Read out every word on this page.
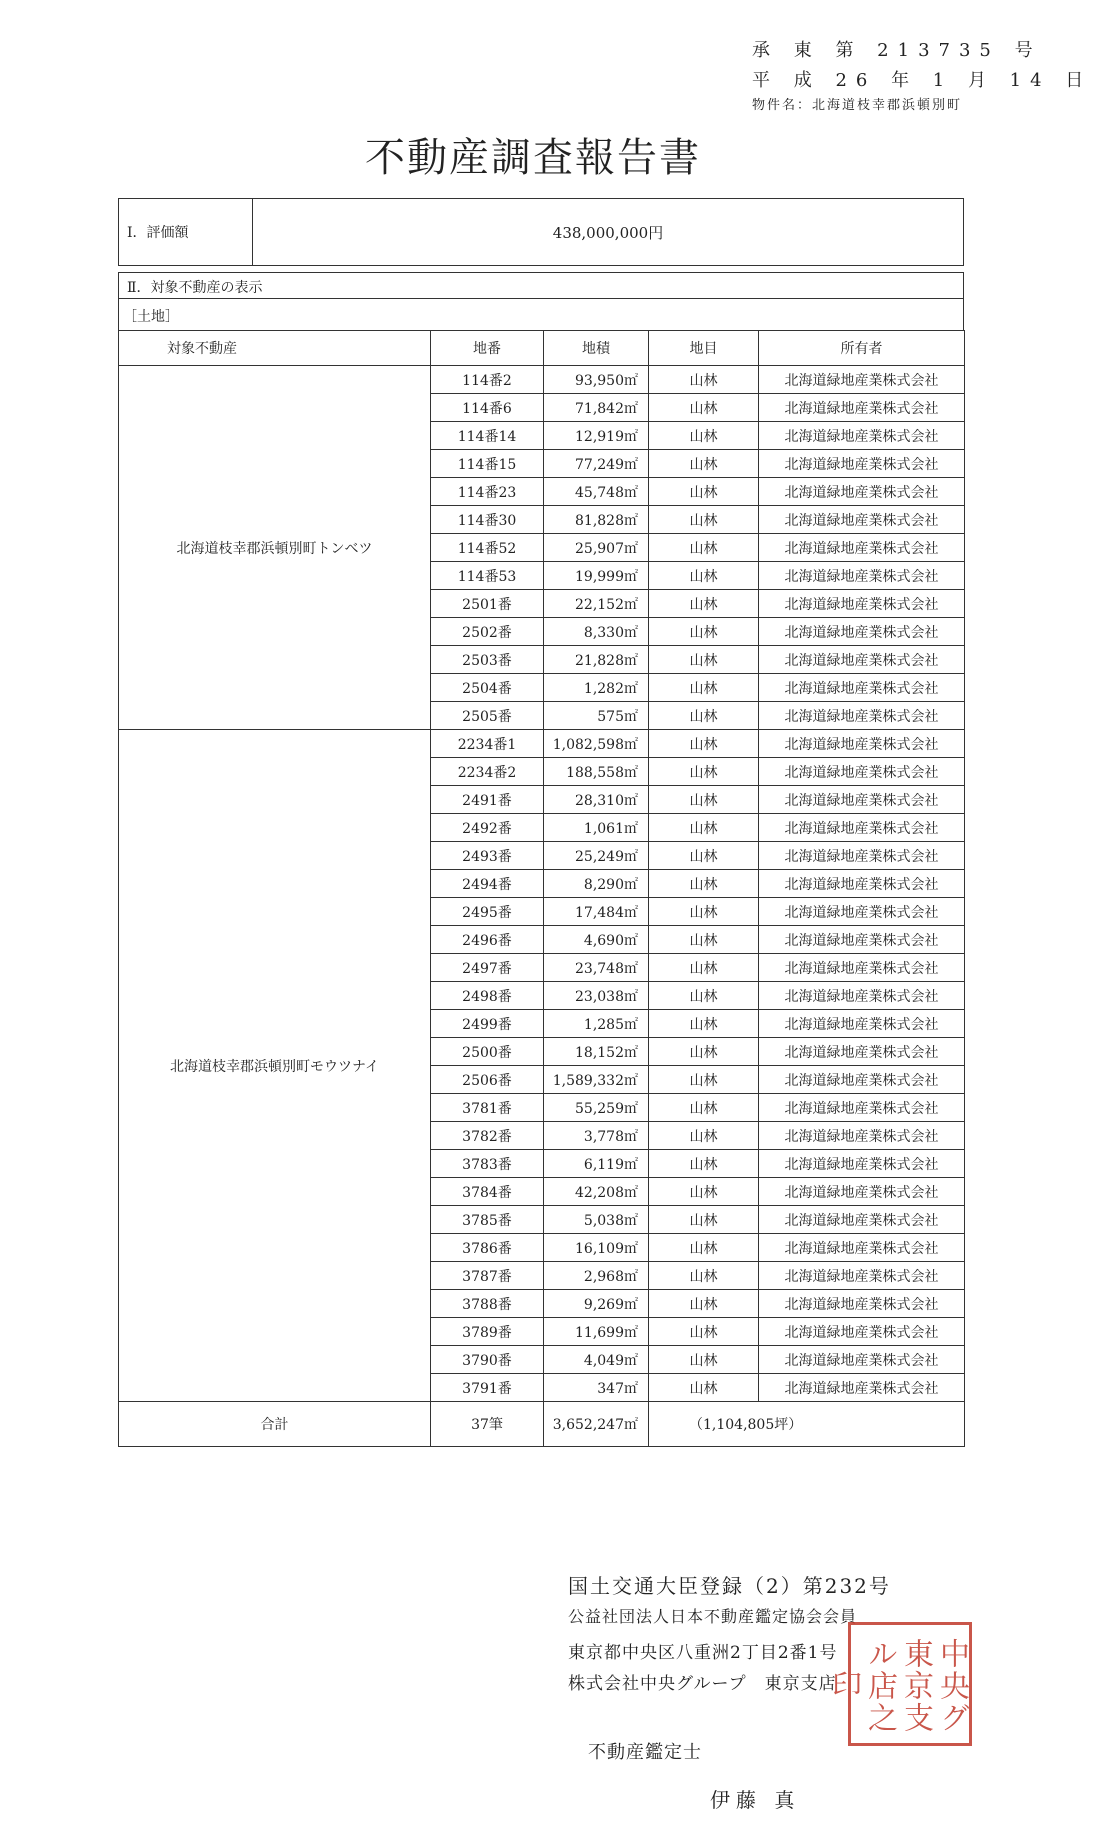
承 東 第 213735 号
平 成 26 年 1 月 14 日
物件名：北海道枝幸郡浜頓別町
不動産調査報告書
Ⅰ．評価額	438,000,000円
Ⅱ．対象不動産の表示
［土地］
対象不動産	地番	地積	地目	所有者
北海道枝幸郡浜頓別町トンベツ	114番2	93,950㎡	山林	北海道緑地産業株式会社
	114番6	71,842㎡	山林	北海道緑地産業株式会社
	114番14	12,919㎡	山林	北海道緑地産業株式会社
	114番15	77,249㎡	山林	北海道緑地産業株式会社
	114番23	45,748㎡	山林	北海道緑地産業株式会社
	114番30	81,828㎡	山林	北海道緑地産業株式会社
	114番52	25,907㎡	山林	北海道緑地産業株式会社
	114番53	19,999㎡	山林	北海道緑地産業株式会社
	2501番	22,152㎡	山林	北海道緑地産業株式会社
	2502番	8,330㎡	山林	北海道緑地産業株式会社
	2503番	21,828㎡	山林	北海道緑地産業株式会社
	2504番	1,282㎡	山林	北海道緑地産業株式会社
	2505番	575㎡	山林	北海道緑地産業株式会社
北海道枝幸郡浜頓別町モウツナイ	2234番1	1,082,598㎡	山林	北海道緑地産業株式会社
	2234番2	188,558㎡	山林	北海道緑地産業株式会社
	2491番	28,310㎡	山林	北海道緑地産業株式会社
	2492番	1,061㎡	山林	北海道緑地産業株式会社
	2493番	25,249㎡	山林	北海道緑地産業株式会社
	2494番	8,290㎡	山林	北海道緑地産業株式会社
	2495番	17,484㎡	山林	北海道緑地産業株式会社
	2496番	4,690㎡	山林	北海道緑地産業株式会社
	2497番	23,748㎡	山林	北海道緑地産業株式会社
	2498番	23,038㎡	山林	北海道緑地産業株式会社
	2499番	1,285㎡	山林	北海道緑地産業株式会社
	2500番	18,152㎡	山林	北海道緑地産業株式会社
	2506番	1,589,332㎡	山林	北海道緑地産業株式会社
	3781番	55,259㎡	山林	北海道緑地産業株式会社
	3782番	3,778㎡	山林	北海道緑地産業株式会社
	3783番	6,119㎡	山林	北海道緑地産業株式会社
	3784番	42,208㎡	山林	北海道緑地産業株式会社
	3785番	5,038㎡	山林	北海道緑地産業株式会社
	3786番	16,109㎡	山林	北海道緑地産業株式会社
	3787番	2,968㎡	山林	北海道緑地産業株式会社
	3788番	9,269㎡	山林	北海道緑地産業株式会社
	3789番	11,699㎡	山林	北海道緑地産業株式会社
	3790番	4,049㎡	山林	北海道緑地産業株式会社
	3791番	347㎡	山林	北海道緑地産業株式会社
合計	37筆	3,652,247㎡	（1,104,805坪）	
国土交通大臣登録（2）第232号
公益社団法人日本不動産鑑定協会会員
東京都中央区八重洲2丁目2番1号
株式会社中央グループ　東京支店
不動産鑑定士
伊藤 真
中央グ東京支ル店之印
